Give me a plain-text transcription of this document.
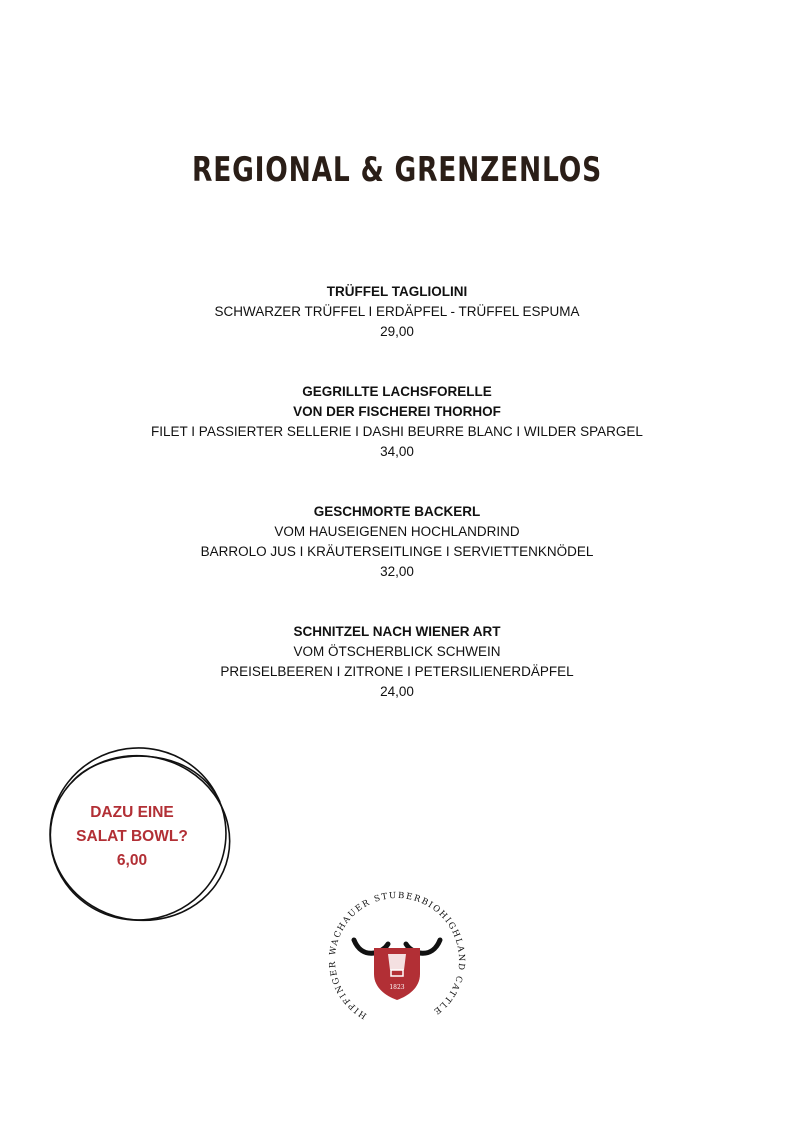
REGIONAL & GRENZENLOS
TRÜFFEL TAGLIOLINI
SCHWARZER TRÜFFEL I ERDÄPFEL - TRÜFFEL ESPUMA
29,00
GEGRILLTE LACHSFORELLE
VON DER FISCHEREI THORHOF
FILET I PASSIERTER SELLERIE I DASHI BEURRE BLANC I WILDER SPARGEL
34,00
GESCHMORTE BACKERL
VOM HAUSEIGENEN HOCHLANDRIND
BARROLO JUS I KRÄUTERSEITLINGE I SERVIETTENKNÖDEL
32,00
SCHNITZEL NACH WIENER ART
VOM ÖTSCHERBLICK SCHWEIN
PREISELBEEREN I ZITRONE I PETERSILIENERDÄPFEL
24,00
DAZU EINE
SALAT BOWL?
6,00
HIPFINGER WACHAUER STUBERBIOHIGHLAND CATTLE
1823
